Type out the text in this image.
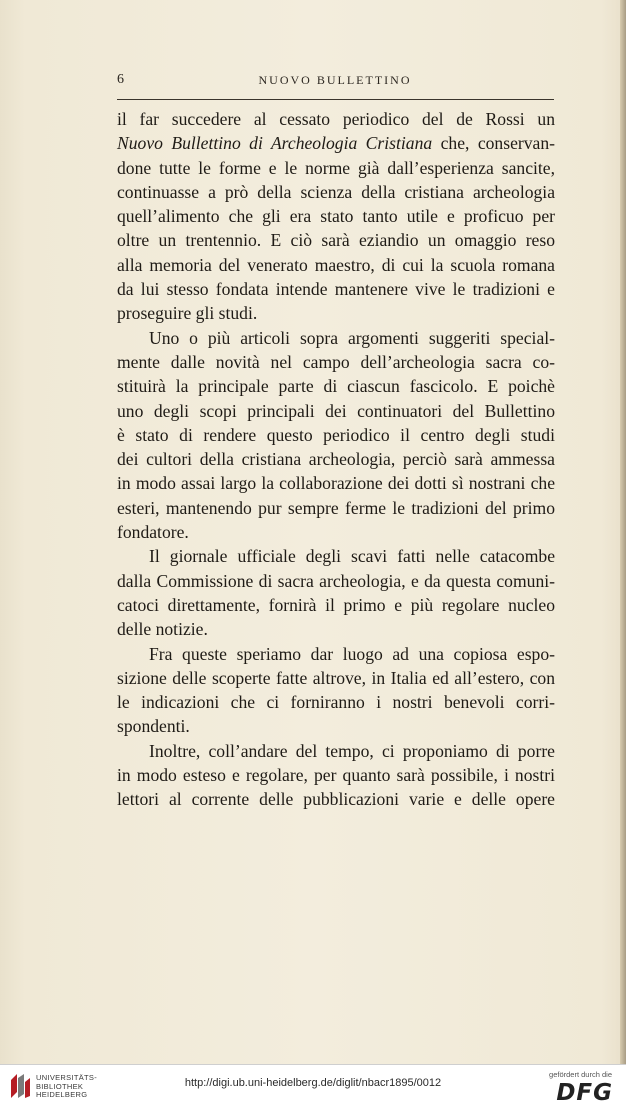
6	NUOVO BULLETTINO
il far succedere al cessato periodico del de Rossi un
Nuovo Bullettino di Archeologia Cristiana che, conservan-
done tutte le forme e le norme già dall’esperienza sancite,
continuasse a prò della scienza della cristiana archeologia
quell’alimento che gli era stato tanto utile e proficuo per
oltre un trentennio. E ciò sarà eziandio un omaggio reso
alla memoria del venerato maestro, di cui la scuola romana
da lui stesso fondata intende mantenere vive le tradizioni e
proseguire gli studi.
Uno o più articoli sopra argomenti suggeriti special-
mente dalle novità nel campo dell’archeologia sacra co-
stituirà la principale parte di ciascun fascicolo. E poichè
uno degli scopi principali dei continuatori del Bullettino
è stato di rendere questo periodico il centro degli studi
dei cultori della cristiana archeologia, perciò sarà ammessa
in modo assai largo la collaborazione dei dotti sì nostrani che
esteri, mantenendo pur sempre ferme le tradizioni del primo
fondatore.
Il giornale ufficiale degli scavi fatti nelle catacombe
dalla Commissione di sacra archeologia, e da questa comuni-
catoci direttamente, fornirà il primo e più regolare nucleo
delle notizie.
Fra queste speriamo dar luogo ad una copiosa espo-
sizione delle scoperte fatte altrove, in Italia ed all’estero, con
le indicazioni che ci forniranno i nostri benevoli corri-
spondenti.
Inoltre, coll’andare del tempo, ci proponiamo di porre
in modo esteso e regolare, per quanto sarà possibile, i nostri
lettori al corrente delle pubblicazioni varie e delle opere
UNIVERSITÄTS-
BIBLIOTHEK
HEIDELBERG
http://digi.ub.uni-heidelberg.de/diglit/nbacr1895/0012
gefördert durch die
DFG
